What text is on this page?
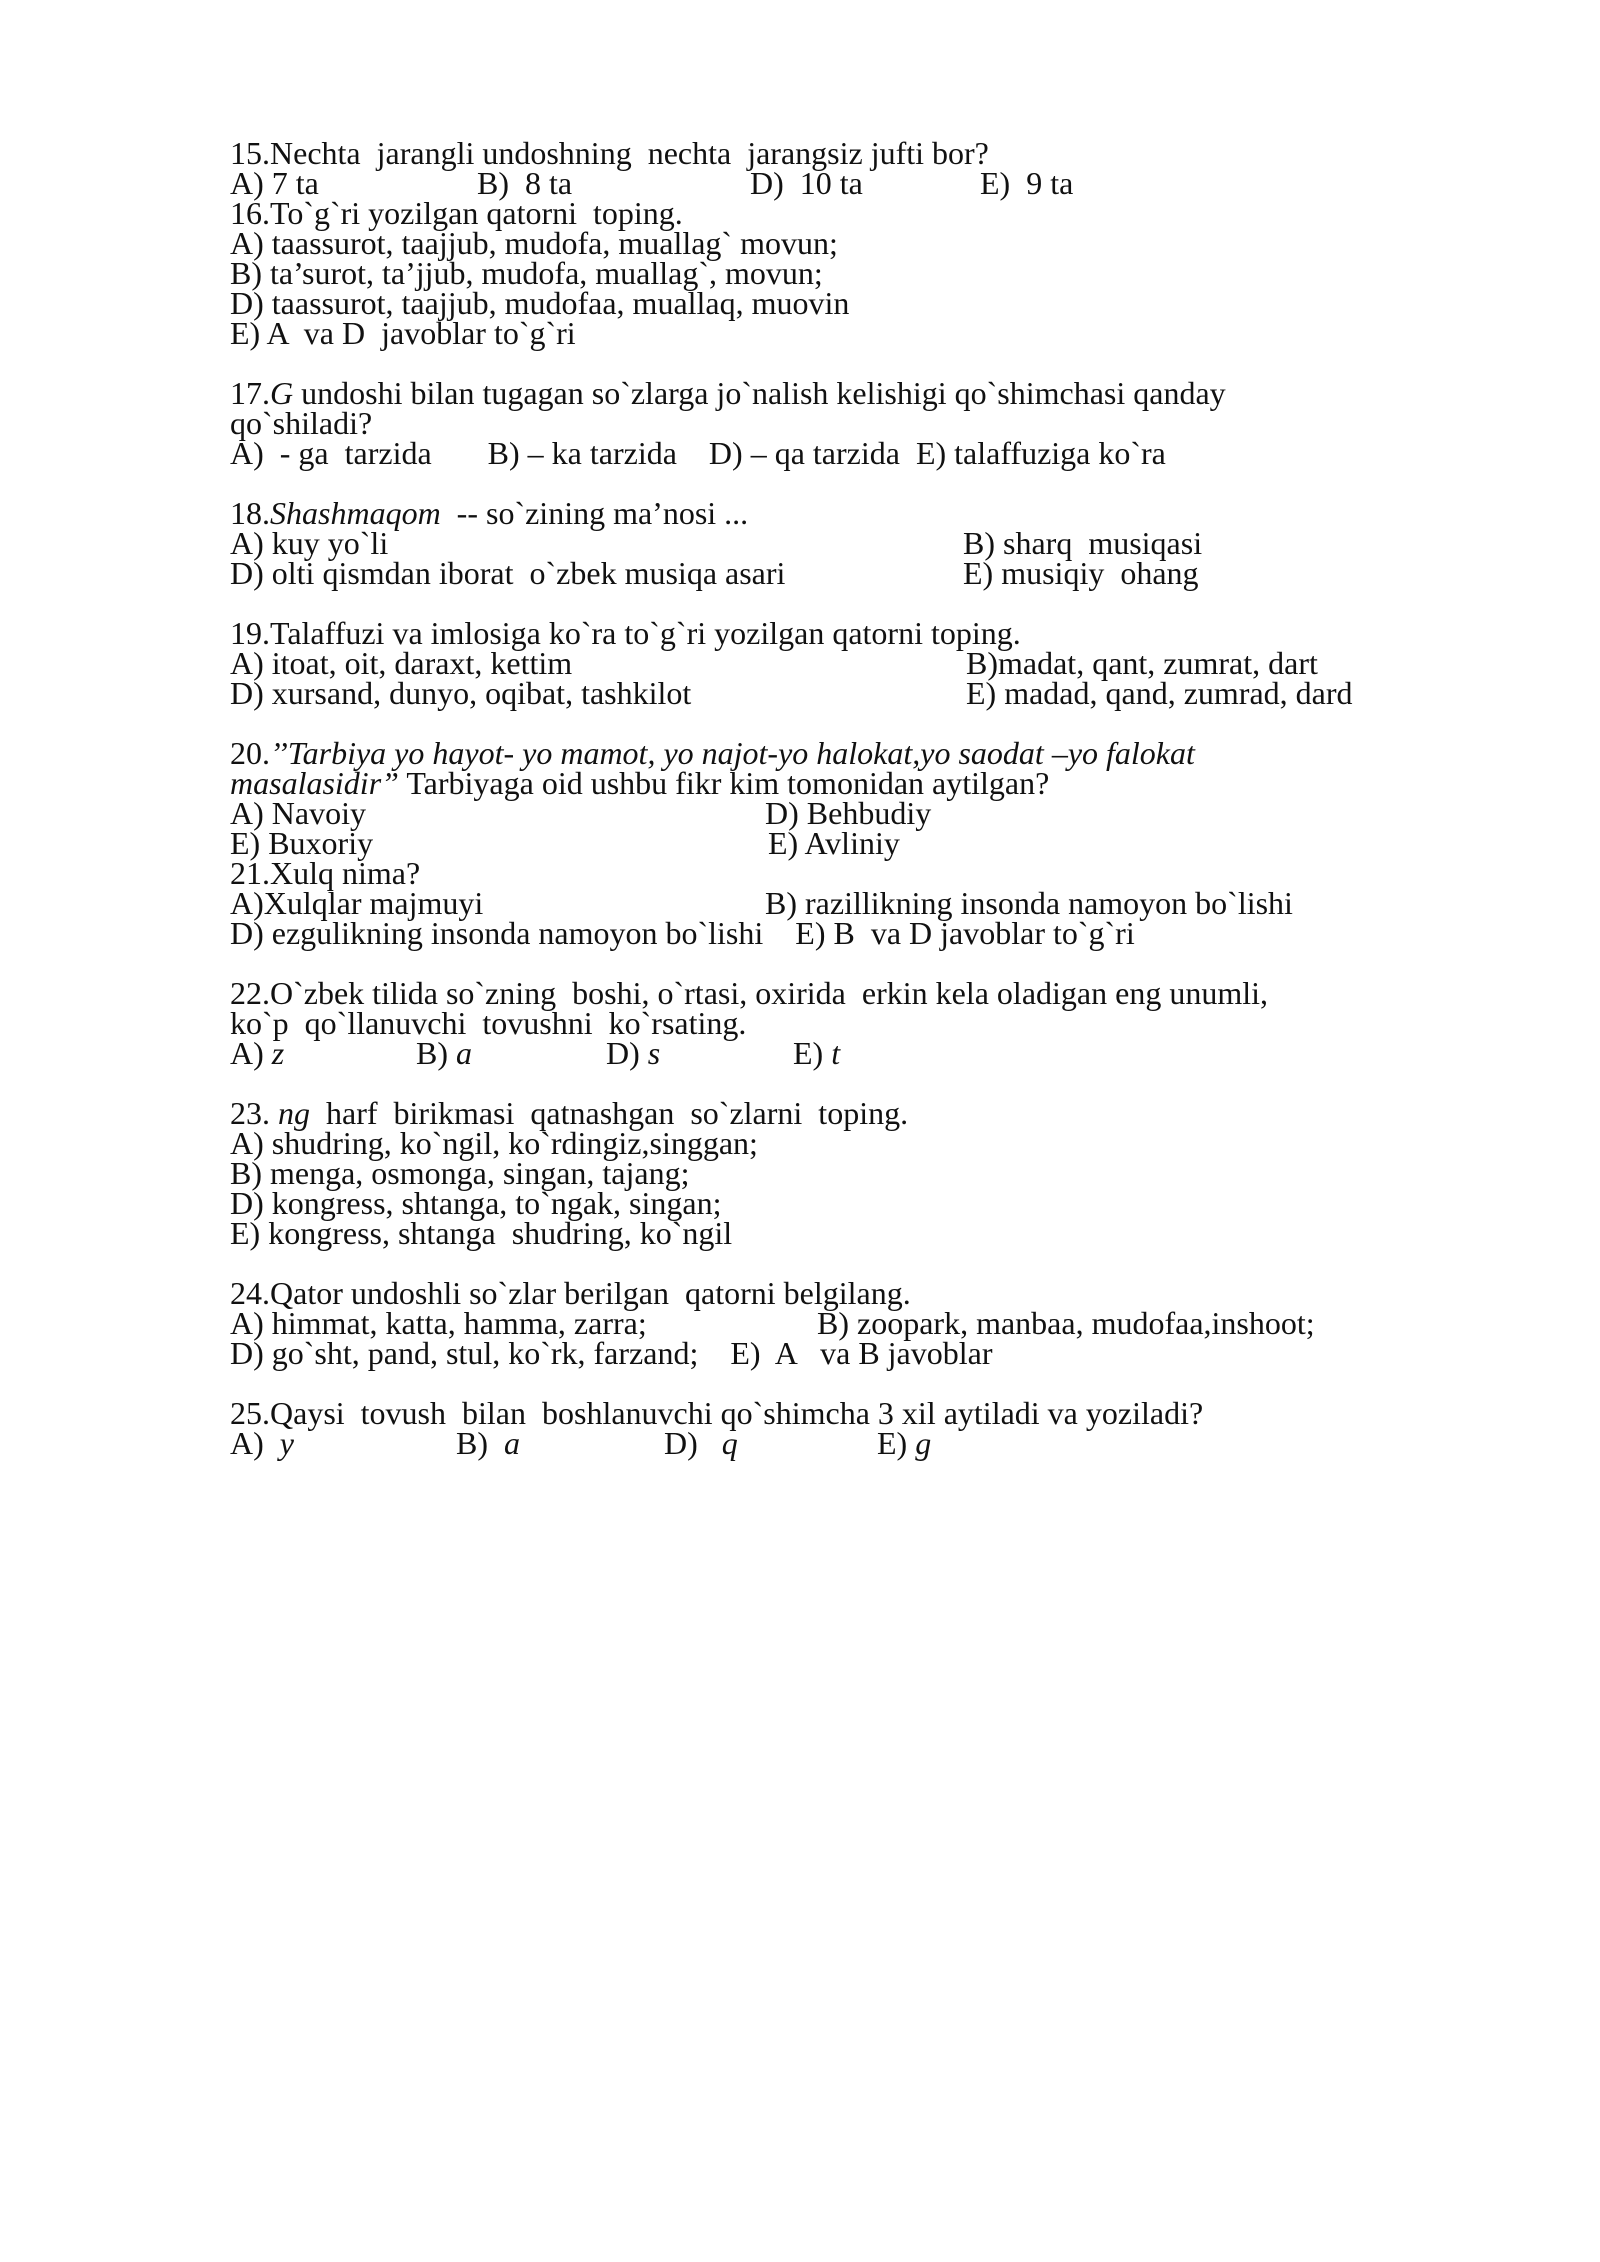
15.Nechta  jarangli undoshning  nechta  jarangsiz jufti bor?
A) 7 ta	B)  8 ta	D)  10 ta	E)  9 ta
16.To`g`ri yozilgan qatorni  toping.
A) taassurot, taajjub, mudofa, muallag` movun;
B) ta’surot, ta’jjub, mudofa, muallag`, movun;
D) taassurot, taajjub, mudofaa, muallaq, muovin
E) A  va D  javoblar to`g`ri
17.G undoshi bilan tugagan so`zlarga jo`nalish kelishigi qo`shimchasi qanday
qo`shiladi?
A)  - ga  tarzida       B) – ka tarzida    D) – qa tarzida  E) talaffuziga ko`ra
18.Shashmaqom  -- so`zining ma’nosi ...
A) kuy yo`li	B) sharq  musiqasi
D) olti qismdan iborat  o`zbek musiqa asari	E) musiqiy  ohang
19.Talaffuzi va imlosiga ko`ra to`g`ri yozilgan qatorni toping.
A) itoat, oit, daraxt, kettim	B)madat, qant, zumrat, dart
D) xursand, dunyo, oqibat, tashkilot	E) madad, qand, zumrad, dard
20.’’Tarbiya yo hayot- yo mamot, yo najot-yo halokat,yo saodat –yo falokat
masalasidir” Tarbiyaga oid ushbu fikr kim tomonidan aytilgan?
A) Navoiy	D) Behbudiy
E) Buxoriy	E) Avliniy
21.Xulq nima?
A)Xulqlar majmuyi	B) razillikning insonda namoyon bo`lishi
D) ezgulikning insonda namoyon bo`lishi    E) B  va D javoblar to`g`ri
22.O`zbek tilida so`zning  boshi, o`rtasi, oxirida  erkin kela oladigan eng unumli,
ko`p  qo`llanuvchi  tovushni  ko`rsating.
A) z	B) a	D) s	E) t
23. ng  harf  birikmasi  qatnashgan  so`zlarni  toping.
A) shudring, ko`ngil, ko`rdingiz,singgan;
B) menga, osmonga, singan, tajang;
D) kongress, shtanga, to`ngak, singan;
E) kongress, shtanga  shudring, ko`ngil
24.Qator undoshli so`zlar berilgan  qatorni belgilang.
A) himmat, katta, hamma, zarra;	B) zoopark, manbaa, mudofaa,inshoot;
D) go`sht, pand, stul, ko`rk, farzand;    E)  A   va B javoblar
25.Qaysi  tovush  bilan  boshlanuvchi qo`shimcha 3 xil aytiladi va yoziladi?
A)  y	B)  a	D)   q	E) g
